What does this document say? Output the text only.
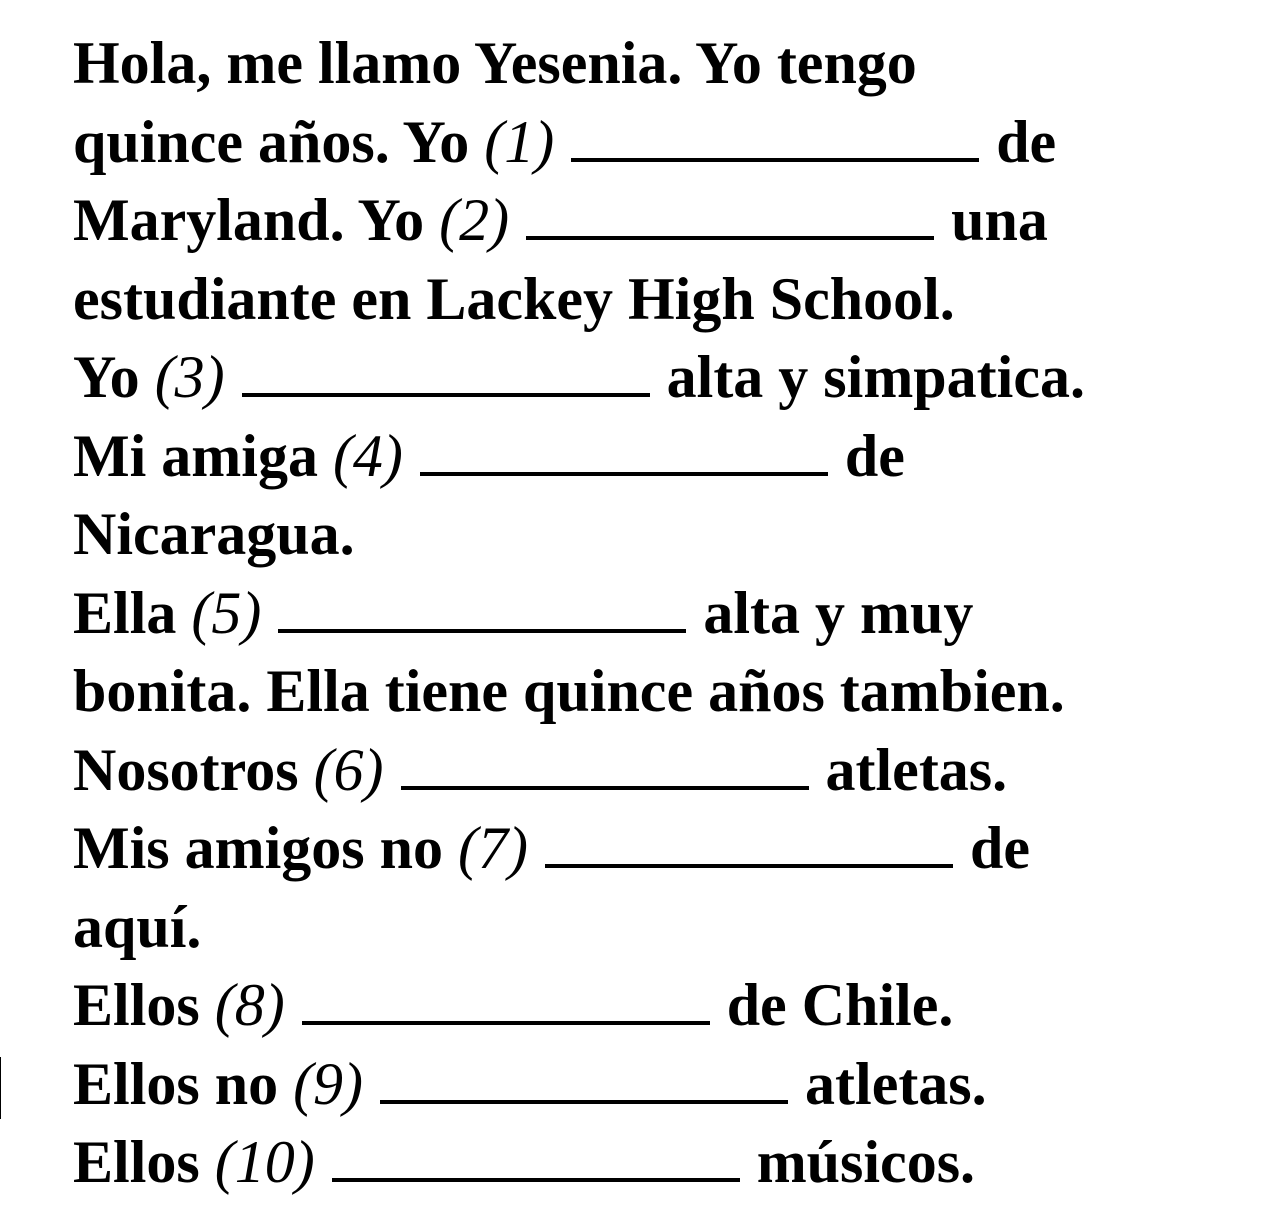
Hola, me llamo Yesenia. Yo tengo
quince años. Yo (1)	de
Maryland. Yo (2)	una
estudiante en Lackey High School.
Yo (3)	alta y simpatica.
Mi amiga (4)	de
Nicaragua.
Ella (5)	alta y muy
bonita. Ella tiene quince años tambien.
Nosotros (6)	atletas.
Mis amigos no (7)	de
aquí.
Ellos (8)	de Chile.
Ellos no (9)	atletas.
Ellos (10)	músicos.
